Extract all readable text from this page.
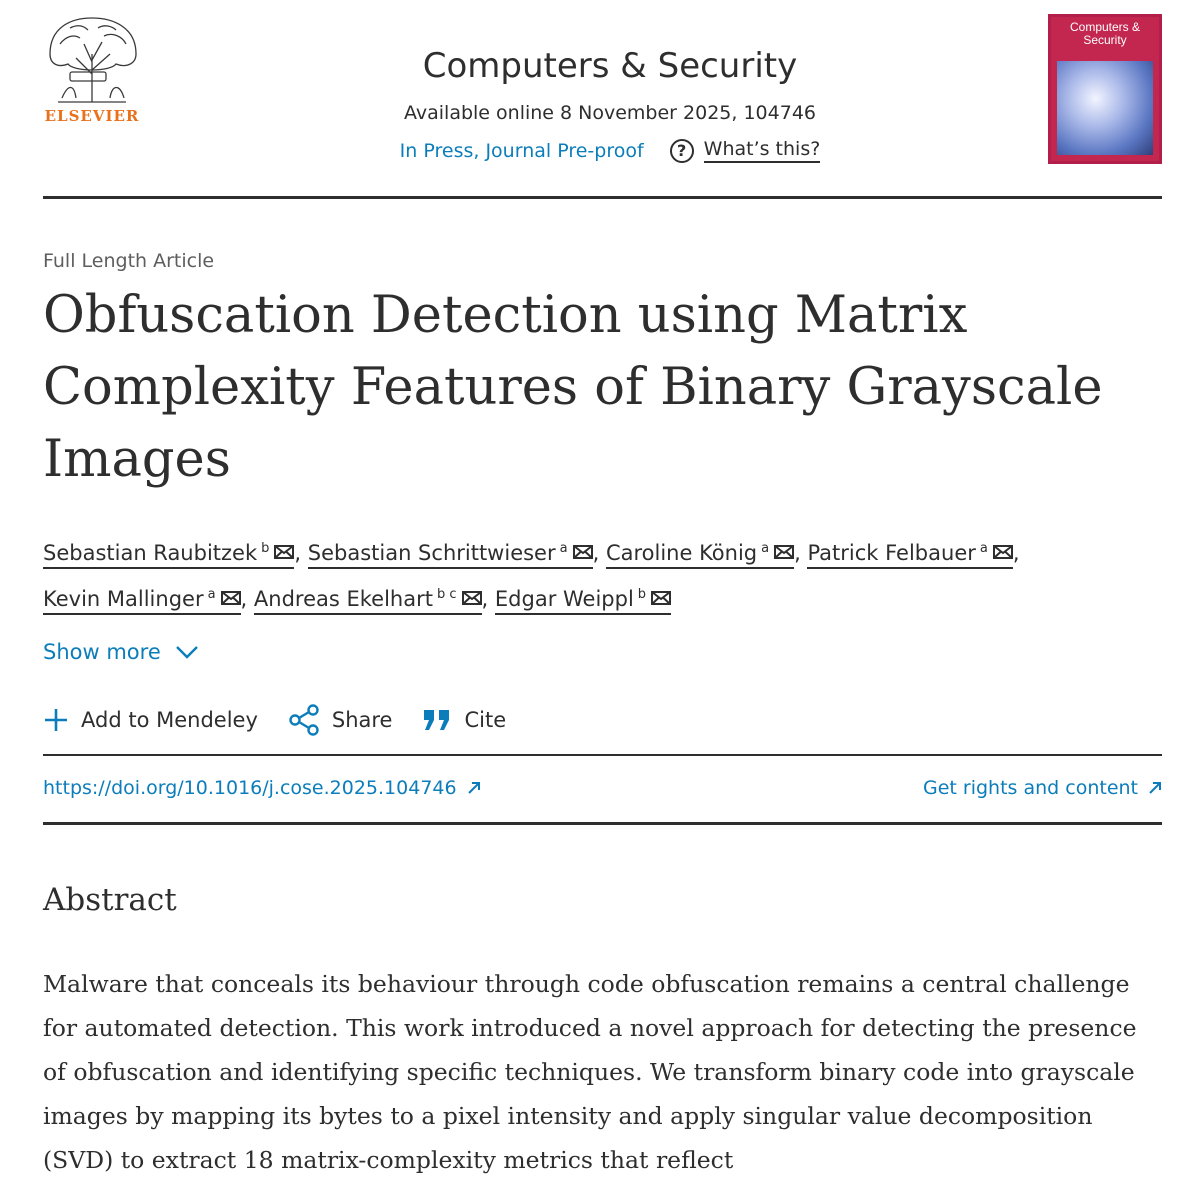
ELSEVIER
Computers & Security
Available online 8 November 2025, 104746
In Press, Journal Pre-proof	? What’s this?
Computers & Security
Full Length Article
Obfuscation Detection using Matrix Complexity Features of Binary Grayscale Images
Sebastian Raubitzek $^b$ , Sebastian Schrittwieser $^a$ , Caroline König $^a$ , Patrick Felbauer $^a$ ,
Kevin Mallinger $^a$ , Andreas Ekelhart $^{b c}$ , Edgar Weippl $^b$
Show more
Add to Mendeley	Share	Cite
https://doi.org/10.1016/j.cose.2025.104746	Get rights and content
Abstract

Malware that conceals its behaviour through code obfuscation remains a central challenge for automated detection. This work introduced a novel approach for detecting the presence of obfuscation and identifying specific techniques. We transform binary code into grayscale images by mapping its bytes to a pixel intensity and apply singular value decomposition (SVD) to extract 18 matrix-complexity metrics that reflect
